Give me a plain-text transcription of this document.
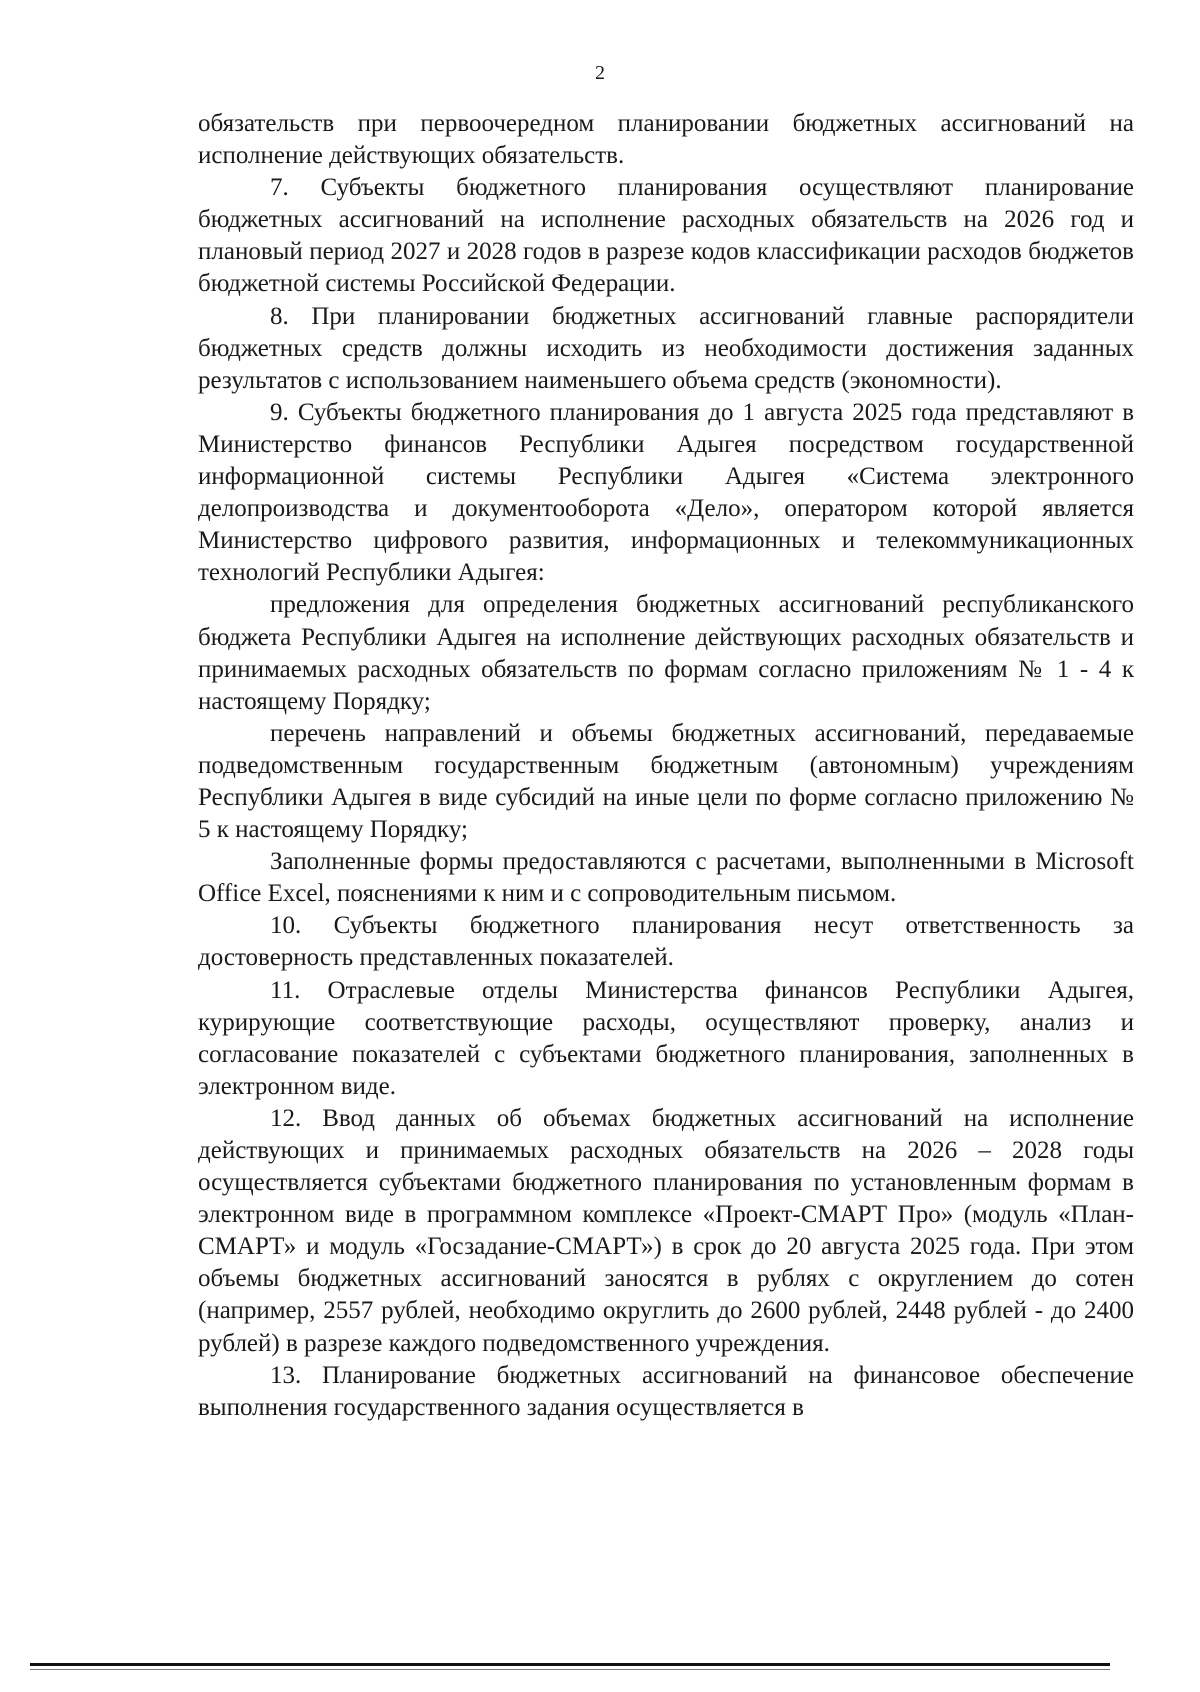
2

обязательств при первоочередном планировании бюджетных ассигнований на исполнение действующих обязательств.

7. Субъекты бюджетного планирования осуществляют планирование бюджетных ассигнований на исполнение расходных обязательств на 2026 год и плановый период 2027 и 2028 годов в разрезе кодов классификации расходов бюджетов бюджетной системы Российской Федерации.

8. При планировании бюджетных ассигнований главные распорядители бюджетных средств должны исходить из необходимости достижения заданных результатов с использованием наименьшего объема средств (экономности).

9. Субъекты бюджетного планирования до 1 августа 2025 года представляют в Министерство финансов Республики Адыгея посредством государственной информационной системы Республики Адыгея «Система электронного делопроизводства и документооборота «Дело», оператором которой является Министерство цифрового развития, информационных и телекоммуникационных технологий Республики Адыгея:

предложения для определения бюджетных ассигнований республиканского бюджета Республики Адыгея на исполнение действующих расходных обязательств и принимаемых расходных обязательств по формам согласно приложениям № 1 - 4 к настоящему Порядку;

перечень направлений и объемы бюджетных ассигнований, передаваемые подведомственным государственным бюджетным (автономным) учреждениям Республики Адыгея в виде субсидий на иные цели по форме согласно приложению № 5 к настоящему Порядку;

Заполненные формы предоставляются с расчетами, выполненными в Microsoft Office Excel, пояснениями к ним и с сопроводительным письмом.

10. Субъекты бюджетного планирования несут ответственность за достоверность представленных показателей.

11. Отраслевые отделы Министерства финансов Республики Адыгея, курирующие соответствующие расходы, осуществляют проверку, анализ и согласование показателей с субъектами бюджетного планирования, заполненных в электронном виде.

12. Ввод данных об объемах бюджетных ассигнований на исполнение действующих и принимаемых расходных обязательств на 2026 – 2028 годы осуществляется субъектами бюджетного планирования по установленным формам в электронном виде в программном комплексе «Проект-СМАРТ Про» (модуль «План-СМАРТ» и модуль «Госзадание-СМАРТ») в срок до 20 августа 2025 года. При этом объемы бюджетных ассигнований заносятся в рублях с округлением до сотен (например, 2557 рублей, необходимо округлить до 2600 рублей, 2448 рублей - до 2400 рублей) в разрезе каждого подведомственного учреждения.

13. Планирование бюджетных ассигнований на финансовое обеспечение выполнения государственного задания осуществляется в
